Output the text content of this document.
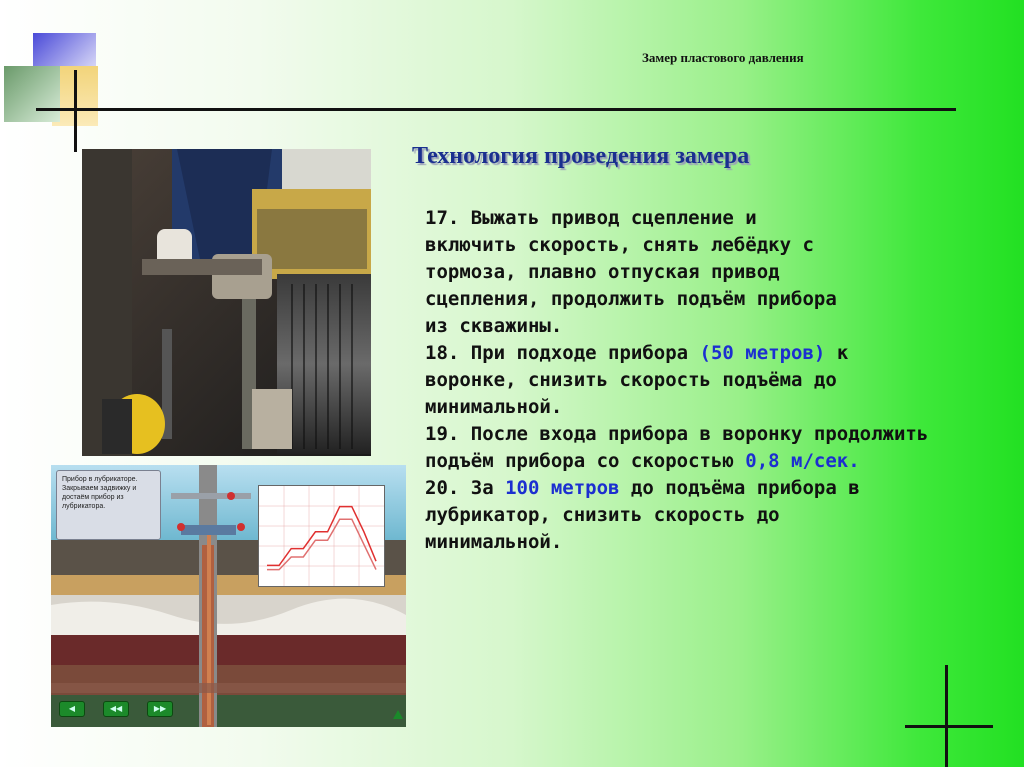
Замер пластового давления
Технология проведения замера
Прибор в лубрикаторе.
Закрываем задвижку и
достаём прибор из
лубрикатора.
◀	◀◀	▶▶

17. Выжать привод сцепление и

включить скорость, снять лебёдку с

тормоза, плавно отпуская привод

сцепления, продолжить подъём прибора

из скважины.

18. При подходе прибора (50 метров) к

воронке, снизить скорость подъёма до

минимальной.

19. После входа прибора в воронку продолжить

подъём прибора со скоростью 0,8 м/сек.

20. За 100 метров до подъёма прибора в

лубрикатор, снизить скорость до

минимальной.
